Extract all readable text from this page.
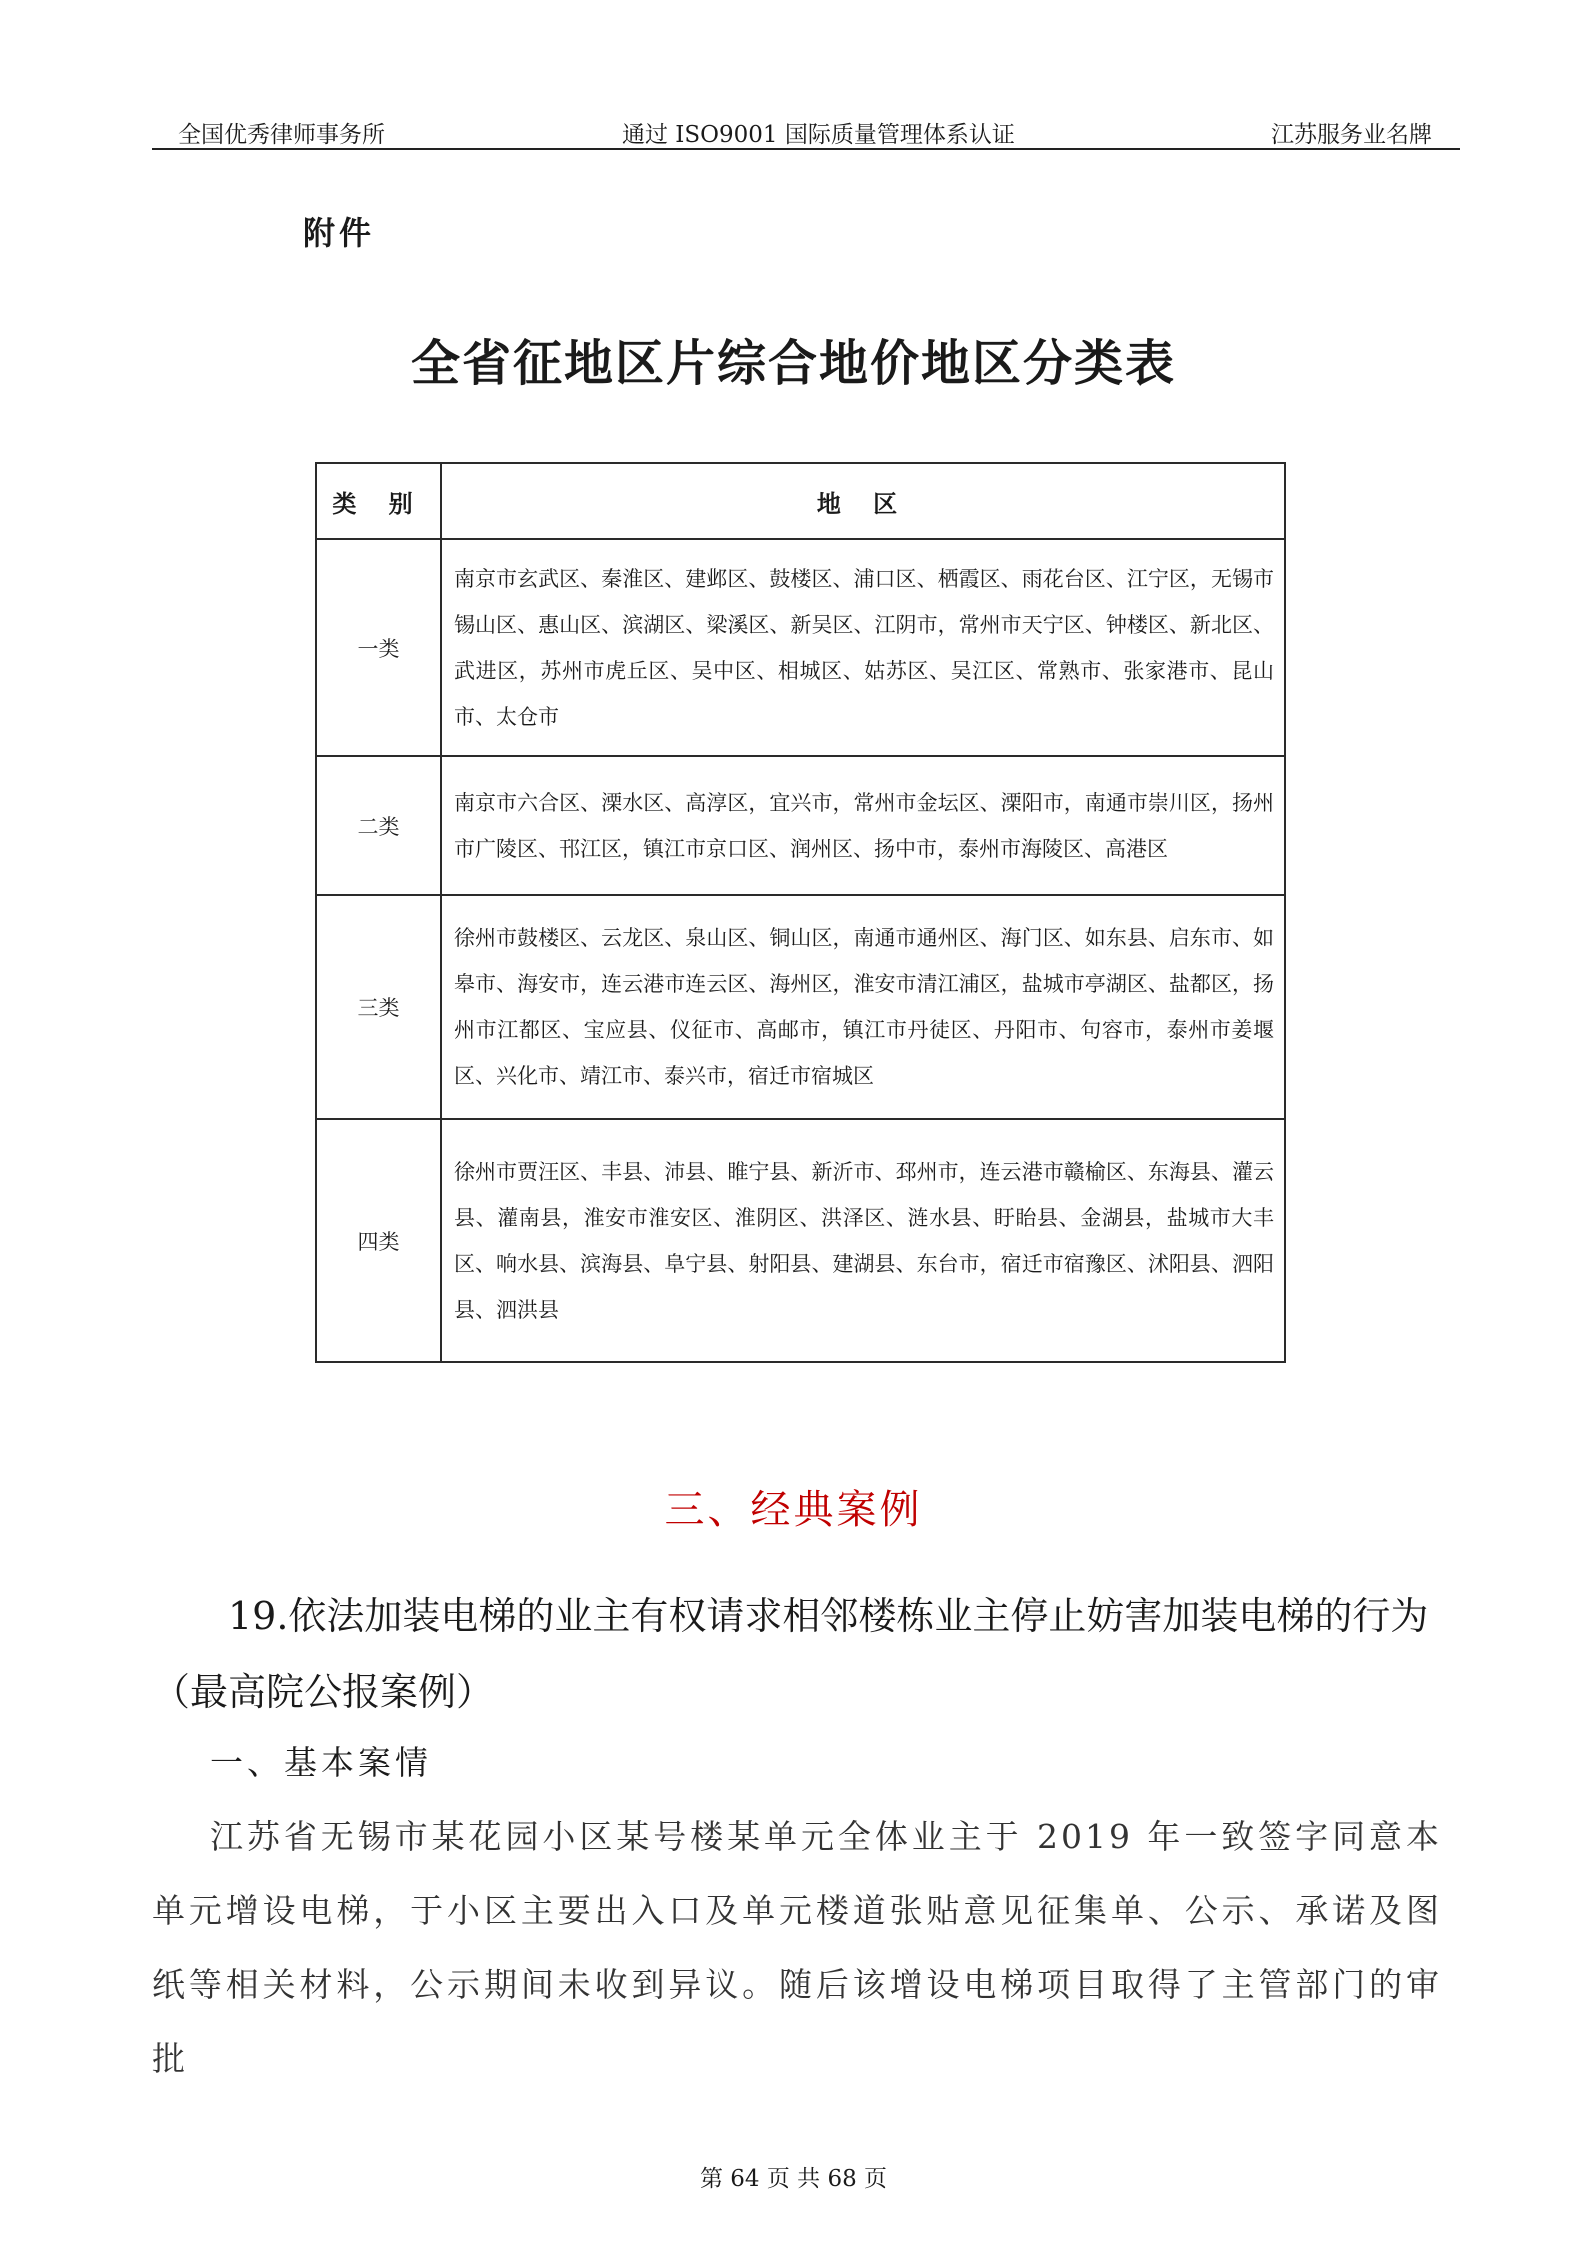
全国优秀律师事务所	通过 ISO9001 国际质量管理体系认证	江苏服务业名牌
附件
全省征地区片综合地价地区分类表
类 别	地 区
一类	南京市玄武区、秦淮区、建邺区、鼓楼区、浦口区、栖霞区、雨花台区、江宁区，无锡市锡山区、惠山区、滨湖区、梁溪区、新吴区、江阴市，常州市天宁区、钟楼区、新北区、武进区，苏州市虎丘区、吴中区、相城区、姑苏区、吴江区、常熟市、张家港市、昆山市、太仓市
二类	南京市六合区、溧水区、高淳区，宜兴市，常州市金坛区、溧阳市，南通市崇川区，扬州市广陵区、邗江区，镇江市京口区、润州区、扬中市，泰州市海陵区、高港区
三类	徐州市鼓楼区、云龙区、泉山区、铜山区，南通市通州区、海门区、如东县、启东市、如皋市、海安市，连云港市连云区、海州区，淮安市清江浦区，盐城市亭湖区、盐都区，扬州市江都区、宝应县、仪征市、高邮市，镇江市丹徒区、丹阳市、句容市，泰州市姜堰区、兴化市、靖江市、泰兴市，宿迁市宿城区
四类	徐州市贾汪区、丰县、沛县、睢宁县、新沂市、邳州市，连云港市赣榆区、东海县、灌云县、灌南县，淮安市淮安区、淮阴区、洪泽区、涟水县、盱眙县、金湖县，盐城市大丰区、响水县、滨海县、阜宁县、射阳县、建湖县、东台市，宿迁市宿豫区、沭阳县、泗阳县、泗洪县
三、经典案例
19.依法加装电梯的业主有权请求相邻楼栋业主停止妨害加装电梯的行为（最高院公报案例）
一、基本案情
江苏省无锡市某花园小区某号楼某单元全体业主于 2019 年一致签字同意本单元增设电梯，于小区主要出入口及单元楼道张贴意见征集单、公示、承诺及图纸等相关材料，公示期间未收到异议。随后该增设电梯项目取得了主管部门的审批
第 64 页 共 68 页
